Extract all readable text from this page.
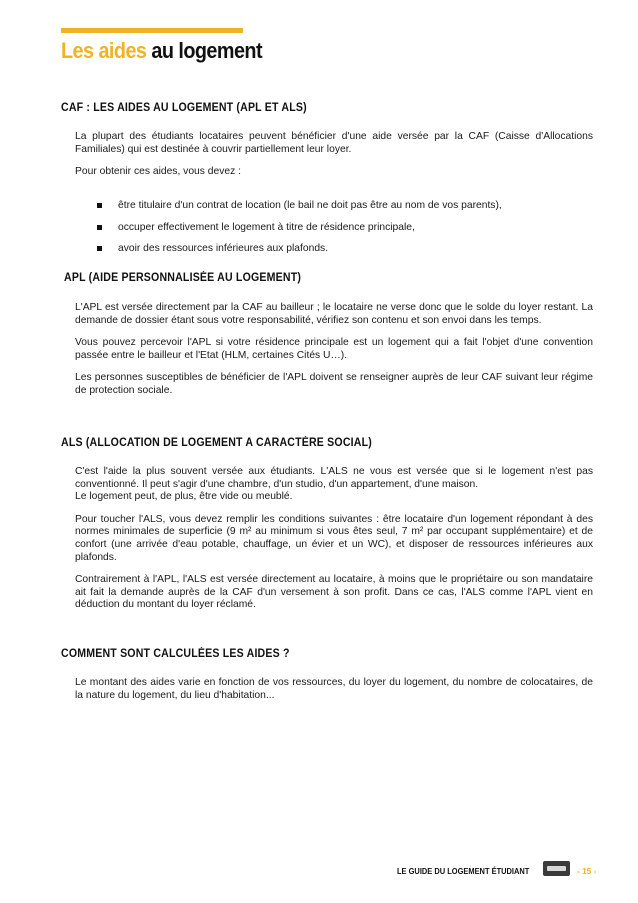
Les aides au logement
CAF : LES AIDES AU LOGEMENT (APL ET ALS)

La plupart des étudiants locataires peuvent bénéficier d'une aide versée par la CAF (Caisse d'Allocations Familiales) qui est destinée à couvrir partiellement leur loyer.

Pour obtenir ces aides, vous devez :

être titulaire d'un contrat de location (le bail ne doit pas être au nom de vos parents),
occuper effectivement le logement à titre de résidence principale,
avoir des ressources inférieures aux plafonds.
APL (AIDE PERSONNALISÉE AU LOGEMENT)

L'APL est versée directement par la CAF au bailleur ; le locataire ne verse donc que le solde du loyer restant. La demande de dossier étant sous votre responsabilité, vérifiez son contenu et son envoi dans les temps.

Vous pouvez percevoir l'APL si votre résidence principale est un logement qui a fait l'objet d'une convention passée entre le bailleur et l'Etat (HLM, certaines Cités U…).

Les personnes susceptibles de bénéficier de l'APL doivent se renseigner auprès de leur CAF suivant leur régime de protection sociale.

ALS (ALLOCATION DE LOGEMENT A CARACTÈRE SOCIAL)

C'est l'aide la plus souvent versée aux étudiants. L'ALS ne vous est versée que si le logement n'est pas conventionné. Il peut s'agir d'une chambre, d'un studio, d'un appartement, d'une maison.
Le logement peut, de plus, être vide ou meublé.

Pour toucher l'ALS, vous devez remplir les conditions suivantes : être locataire d'un logement répondant à des normes minimales de superficie (9 m² au minimum si vous êtes seul, 7 m² par occupant supplémentaire) et de confort (une arrivée d'eau potable, chauffage, un évier et un WC), et disposer de ressources inférieures aux plafonds.

Contrairement à l'APL, l'ALS est versée directement au locataire, à moins que le propriétaire ou son mandataire ait fait la demande auprès de la CAF d'un versement à son profit. Dans ce cas, l'ALS comme l'APL vient en déduction du montant du loyer réclamé.

COMMENT SONT CALCULÉES LES AIDES ?

Le montant des aides varie en fonction de vos ressources, du loyer du logement, du nombre de colocataires, de la nature du logement, du lieu d'habitation...

LE GUIDE DU LOGEMENT ÉTUDIANT	- 15 -
